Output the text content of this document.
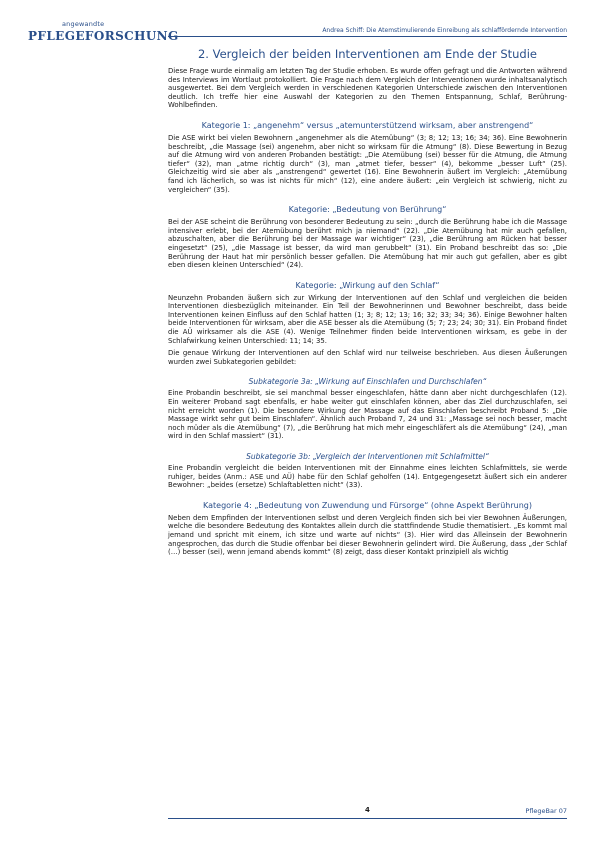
angewandte
PFLEGEFORSCHUNG	Andrea Schiff: Die Atemstimulierende Einreibung als schlaffördernde Intervention
2. Vergleich der beiden Interventionen am Ende der Studie

Diese Frage wurde einmalig am letzten Tag der Studie erhoben. Es wurde offen gefragt und die Antworten während des Interviews im Wortlaut protokolliert. Die Frage nach dem Vergleich der Interventionen wurde inhaltsanalytisch ausgewertet. Bei dem Vergleich werden in verschiedenen Kategorien Unterschiede zwischen den Interventionen deutlich. Ich treffe hier eine Auswahl der Kategorien zu den Themen Entspannung, Schlaf, Berührung-Wohlbefinden.

Kategorie 1: „angenehm“ versus „atemunterstützend wirksam, aber anstrengend“

Die ASE wirkt bei vielen Bewohnern „angenehmer als die Atemübung“ (3; 8; 12; 13; 16; 34; 36). Eine Bewohnerin beschreibt, „die Massage (sei) angenehm, aber nicht so wirksam für die Atmung“ (8). Diese Bewertung in Bezug auf die Atmung wird von anderen Probanden bestätigt: „Die Atemübung (sei) besser für die Atmung, die Atmung tiefer“ (32), man „atme richtig durch“ (3), man „atmet tiefer, besser“ (4), bekomme „besser Luft“ (25). Gleichzeitig wird sie aber als „anstrengend“ gewertet (16). Eine Bewohnerin äußert im Vergleich: „Atemübung fand ich lächerlich, so was ist nichts für mich“ (12), eine andere äußert: „ein Vergleich ist schwierig, nicht zu vergleichen“ (35).

Kategorie: „Bedeutung von Berührung“

Bei der ASE scheint die Berührung von besonderer Bedeutung zu sein: „durch die Berührung habe ich die Massage intensiver erlebt, bei der Atemübung berührt mich ja niemand“ (22). „Die Atemübung hat mir auch gefallen, abzuschalten, aber die Berührung bei der Massage war wichtiger“ (23), „die Berührung am Rücken hat besser eingesetzt“ (25), „die Massage ist besser, da wird man gerubbelt“ (31). Ein Proband beschreibt das so: „Die Berührung der Haut hat mir persönlich besser gefallen. Die Atemübung hat mir auch gut gefallen, aber es gibt eben diesen kleinen Unterschied“ (24).

Kategorie: „Wirkung auf den Schlaf“

Neunzehn Probanden äußern sich zur Wirkung der Interventionen auf den Schlaf und vergleichen die beiden Interventionen diesbezüglich miteinander. Ein Teil der Bewohnerinnen und Bewohner beschreibt, dass beide Interventionen keinen Einfluss auf den Schlaf hatten (1; 3; 8; 12; 13; 16; 32; 33; 34; 36). Einige Bewohner halten beide Interventionen für wirksam, aber die ASE besser als die Atemübung (5; 7; 23; 24; 30; 31). Ein Proband findet die AÜ wirksamer als die ASE (4). Wenige Teilnehmer finden beide Interventionen wirksam, es gebe in der Schlafwirkung keinen Unterschied: 11; 14; 35.

Die genaue Wirkung der Interventionen auf den Schlaf wird nur teilweise beschrieben. Aus diesen Äußerungen wurden zwei Subkategorien gebildet:

Subkategorie 3a: „Wirkung auf Einschlafen und Durchschlafen“

Eine Probandin beschreibt, sie sei manchmal besser eingeschlafen, hätte dann aber nicht durchgeschlafen (12). Ein weiterer Proband sagt ebenfalls, er habe weiter gut einschlafen können, aber das Ziel durchzuschlafen, sei nicht erreicht worden (1). Die besondere Wirkung der Massage auf das Einschlafen beschreibt Proband 5: „Die Massage wirkt sehr gut beim Einschlafen“. Ähnlich auch Proband 7, 24 und 31: „Massage sei noch besser, macht noch müder als die Atemübung“ (7), „die Berührung hat mich mehr eingeschläfert als die Atemübung“ (24), „man wird in den Schlaf massiert“ (31).

Subkategorie 3b: „Vergleich der Interventionen mit Schlafmittel“

Eine Probandin vergleicht die beiden Interventionen mit der Einnahme eines leichten Schlafmittels, sie werde ruhiger, beides (Anm.: ASE und AÜ) habe für den Schlaf geholfen (14). Entgegengesetzt äußert sich ein anderer Bewohner: „beides (ersetze) Schlaftabletten nicht“ (33).

Kategorie 4: „Bedeutung von Zuwendung und Fürsorge“ (ohne Aspekt Berührung)

Neben dem Empfinden der Interventionen selbst und deren Vergleich finden sich bei vier Bewohnen Äußerungen, welche die besondere Bedeutung des Kontaktes allein durch die stattfindende Studie thematisiert. „Es kommt mal jemand und spricht mit einem, ich sitze und warte auf nichts“ (3). Hier wird das Alleinsein der Bewohnerin angesprochen, das durch die Studie offenbar bei dieser Bewohnerin gelindert wird. Die Äußerung, dass „der Schlaf (…) besser (sei), wenn jemand abends kommt“ (8) zeigt, dass dieser Kontakt prinzipiell als wichtig

4	PflegeBar 07
